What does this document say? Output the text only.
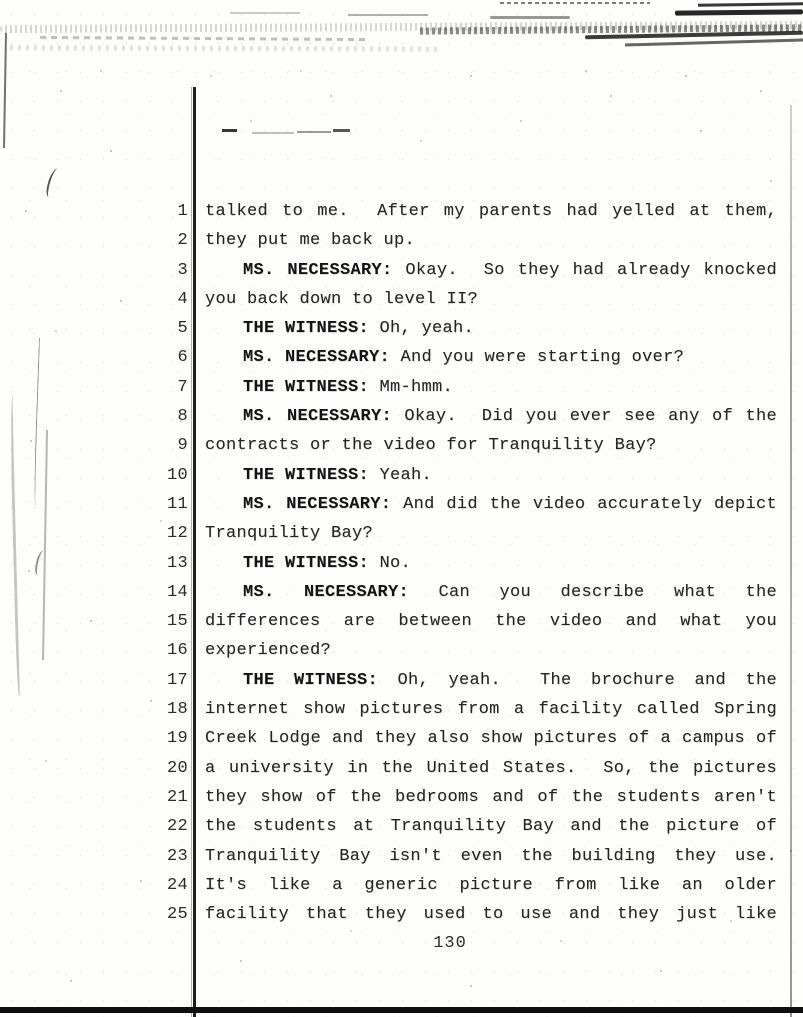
1	talked to me.  After my parents had yelled at them,
2	they put me back up.
3	MS. NECESSARY: Okay.  So they had already knocked
4	you back down to level II?
5	THE WITNESS: Oh, yeah.
6	MS. NECESSARY: And you were starting over?
7	THE WITNESS: Mm-hmm.
8	MS. NECESSARY: Okay.  Did you ever see any of the
9	contracts or the video for Tranquility Bay?
10	THE WITNESS: Yeah.
11	MS. NECESSARY: And did the video accurately depict
12	Tranquility Bay?
13	THE WITNESS: No.
14	MS. NECESSARY: Can you describe what the
15	differences are between the video and what you
16	experienced?
17	THE WITNESS: Oh, yeah.  The brochure and the
18	internet show pictures from a facility called Spring
19	Creek Lodge and they also show pictures of a campus of
20	a university in the United States.  So, the pictures
21	they show of the bedrooms and of the students aren't
22	the students at Tranquility Bay and the picture of
23	Tranquility Bay isn't even the building they use.
24	It's like a generic picture from like an older
25	facility that they used to use and they just like
130
